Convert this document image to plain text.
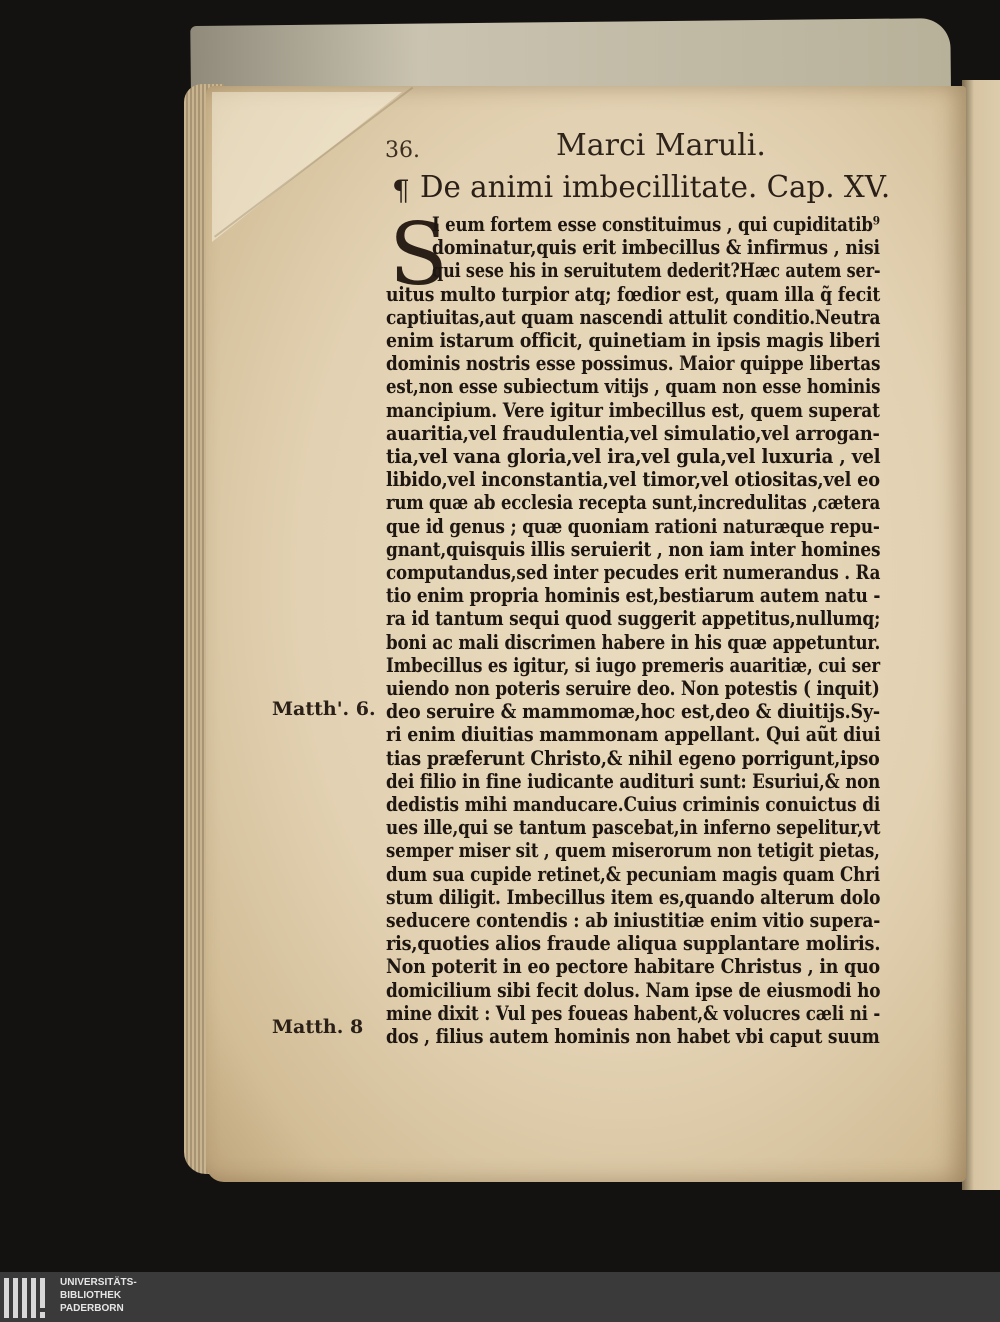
36.	Marci Maruli.
¶ De animi imbecillitate. Cap. XV.
S
I eum fortem esse constituimus , qui cupiditatib⁹
dominatur,quis erit imbecillus & infirmus , nisi
qui sese his in seruitutem dederit?Hæc autem ser-
uitus multo turpior atq; fœdior est, quam illa q̃ fecit
captiuitas,aut quam nascendi attulit conditio.Neutra
enim istarum officit, quinetiam in ipsis magis liberi
dominis nostris esse possimus. Maior quippe libertas
est,non esse subiectum vitijs , quam non esse hominis
mancipium. Vere igitur imbecillus est, quem superat
auaritia,vel fraudulentia,vel simulatio,vel arrogan-
tia,vel vana gloria,vel ira,vel gula,vel luxuria , vel
libido,vel inconstantia,vel timor,vel otiositas,vel eo
rum quæ ab ecclesia recepta sunt,incredulitas ,cætera
que id genus ; quæ quoniam rationi naturæque repu-
gnant,quisquis illis seruierit , non iam inter homines
computandus,sed inter pecudes erit numerandus . Ra
tio enim propria hominis est,bestiarum autem natu -
ra id tantum sequi quod suggerit appetitus,nullumq;
boni ac mali discrimen habere in his quæ appetuntur.
Imbecillus es igitur, si iugo premeris auaritiæ, cui ser
uiendo non poteris seruire deo. Non potestis ( inquit)
deo seruire & mammomæ,hoc est,deo & diuitijs.Sy-
ri enim diuitias mammonam appellant. Qui aũt diui
tias præferunt Christo,& nihil egeno porrigunt,ipso
dei filio in fine iudicante audituri sunt: Esuriui,& non
dedistis mihi manducare.Cuius criminis conuictus di
ues ille,qui se tantum pascebat,in inferno sepelitur,vt
semper miser sit , quem miserorum non tetigit pietas,
dum sua cupide retinet,& pecuniam magis quam Chri
stum diligit. Imbecillus item es,quando alterum dolo
seducere contendis : ab iniustitiæ enim vitio supera-
ris,quoties alios fraude aliqua supplantare moliris.
Non poterit in eo pectore habitare Christus , in quo
domicilium sibi fecit dolus. Nam ipse de eiusmodi ho
mine dixit : Vul pes foueas habent,& volucres cæli ni -
dos , filius autem hominis non habet vbi caput suum
Matth'. 6.
Matth. 8
UNIVERSITÄTS-
BIBLIOTHEK
PADERBORN
